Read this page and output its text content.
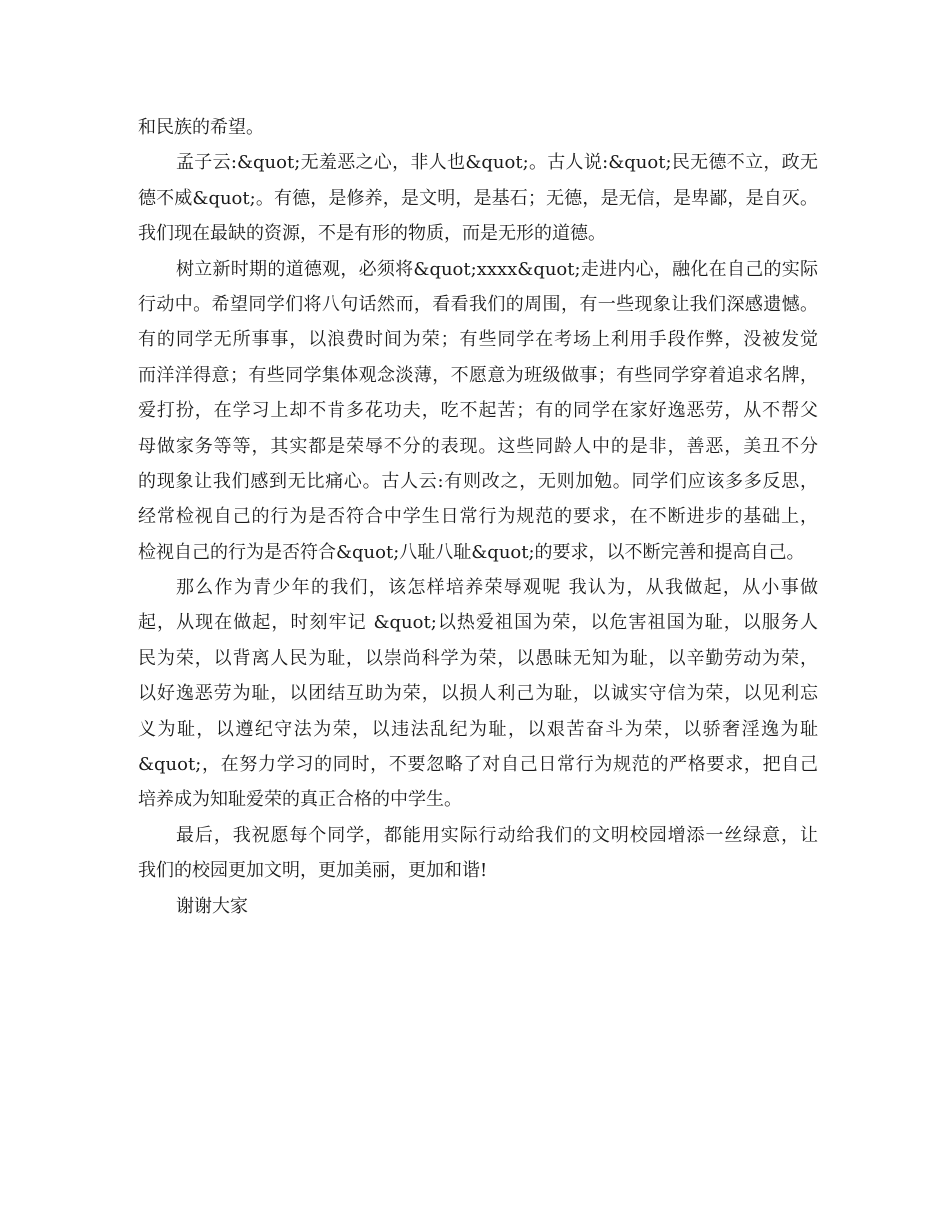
和民族的希望。
孟子云:&quot;无羞恶之心，非人也&quot;。古人说:&quot;民无德不立，政无
德不威&quot;。有德，是修养，是文明，是基石；无德，是无信，是卑鄙，是自灭。
我们现在最缺的资源，不是有形的物质，而是无形的道德。
树立新时期的道德观，必须将&quot;xxxx&quot;走进内心，融化在自己的实际
行动中。希望同学们将八句话然而，看看我们的周围，有一些现象让我们深感遗憾。
有的同学无所事事，以浪费时间为荣；有些同学在考场上利用手段作弊，没被发觉
而洋洋得意；有些同学集体观念淡薄，不愿意为班级做事；有些同学穿着追求名牌，
爱打扮，在学习上却不肯多花功夫，吃不起苦；有的同学在家好逸恶劳，从不帮父
母做家务等等，其实都是荣辱不分的表现。这些同龄人中的是非，善恶，美丑不分
的现象让我们感到无比痛心。古人云:有则改之，无则加勉。同学们应该多多反思，
经常检视自己的行为是否符合中学生日常行为规范的要求，在不断进步的基础上，
检视自己的行为是否符合&quot;八耻八耻&quot;的要求，以不断完善和提高自己。
那么作为青少年的我们，该怎样培养荣辱观呢 我认为，从我做起，从小事做
起，从现在做起，时刻牢记 &quot;以热爱祖国为荣，以危害祖国为耻，以服务人
民为荣，以背离人民为耻，以崇尚科学为荣，以愚昧无知为耻，以辛勤劳动为荣，
以好逸恶劳为耻，以团结互助为荣，以损人利己为耻，以诚实守信为荣，以见利忘
义为耻，以遵纪守法为荣，以违法乱纪为耻，以艰苦奋斗为荣，以骄奢淫逸为耻
&quot;，在努力学习的同时，不要忽略了对自己日常行为规范的严格要求，把自己
培养成为知耻爱荣的真正合格的中学生。
最后，我祝愿每个同学，都能用实际行动给我们的文明校园增添一丝绿意，让
我们的校园更加文明，更加美丽，更加和谐!
谢谢大家
